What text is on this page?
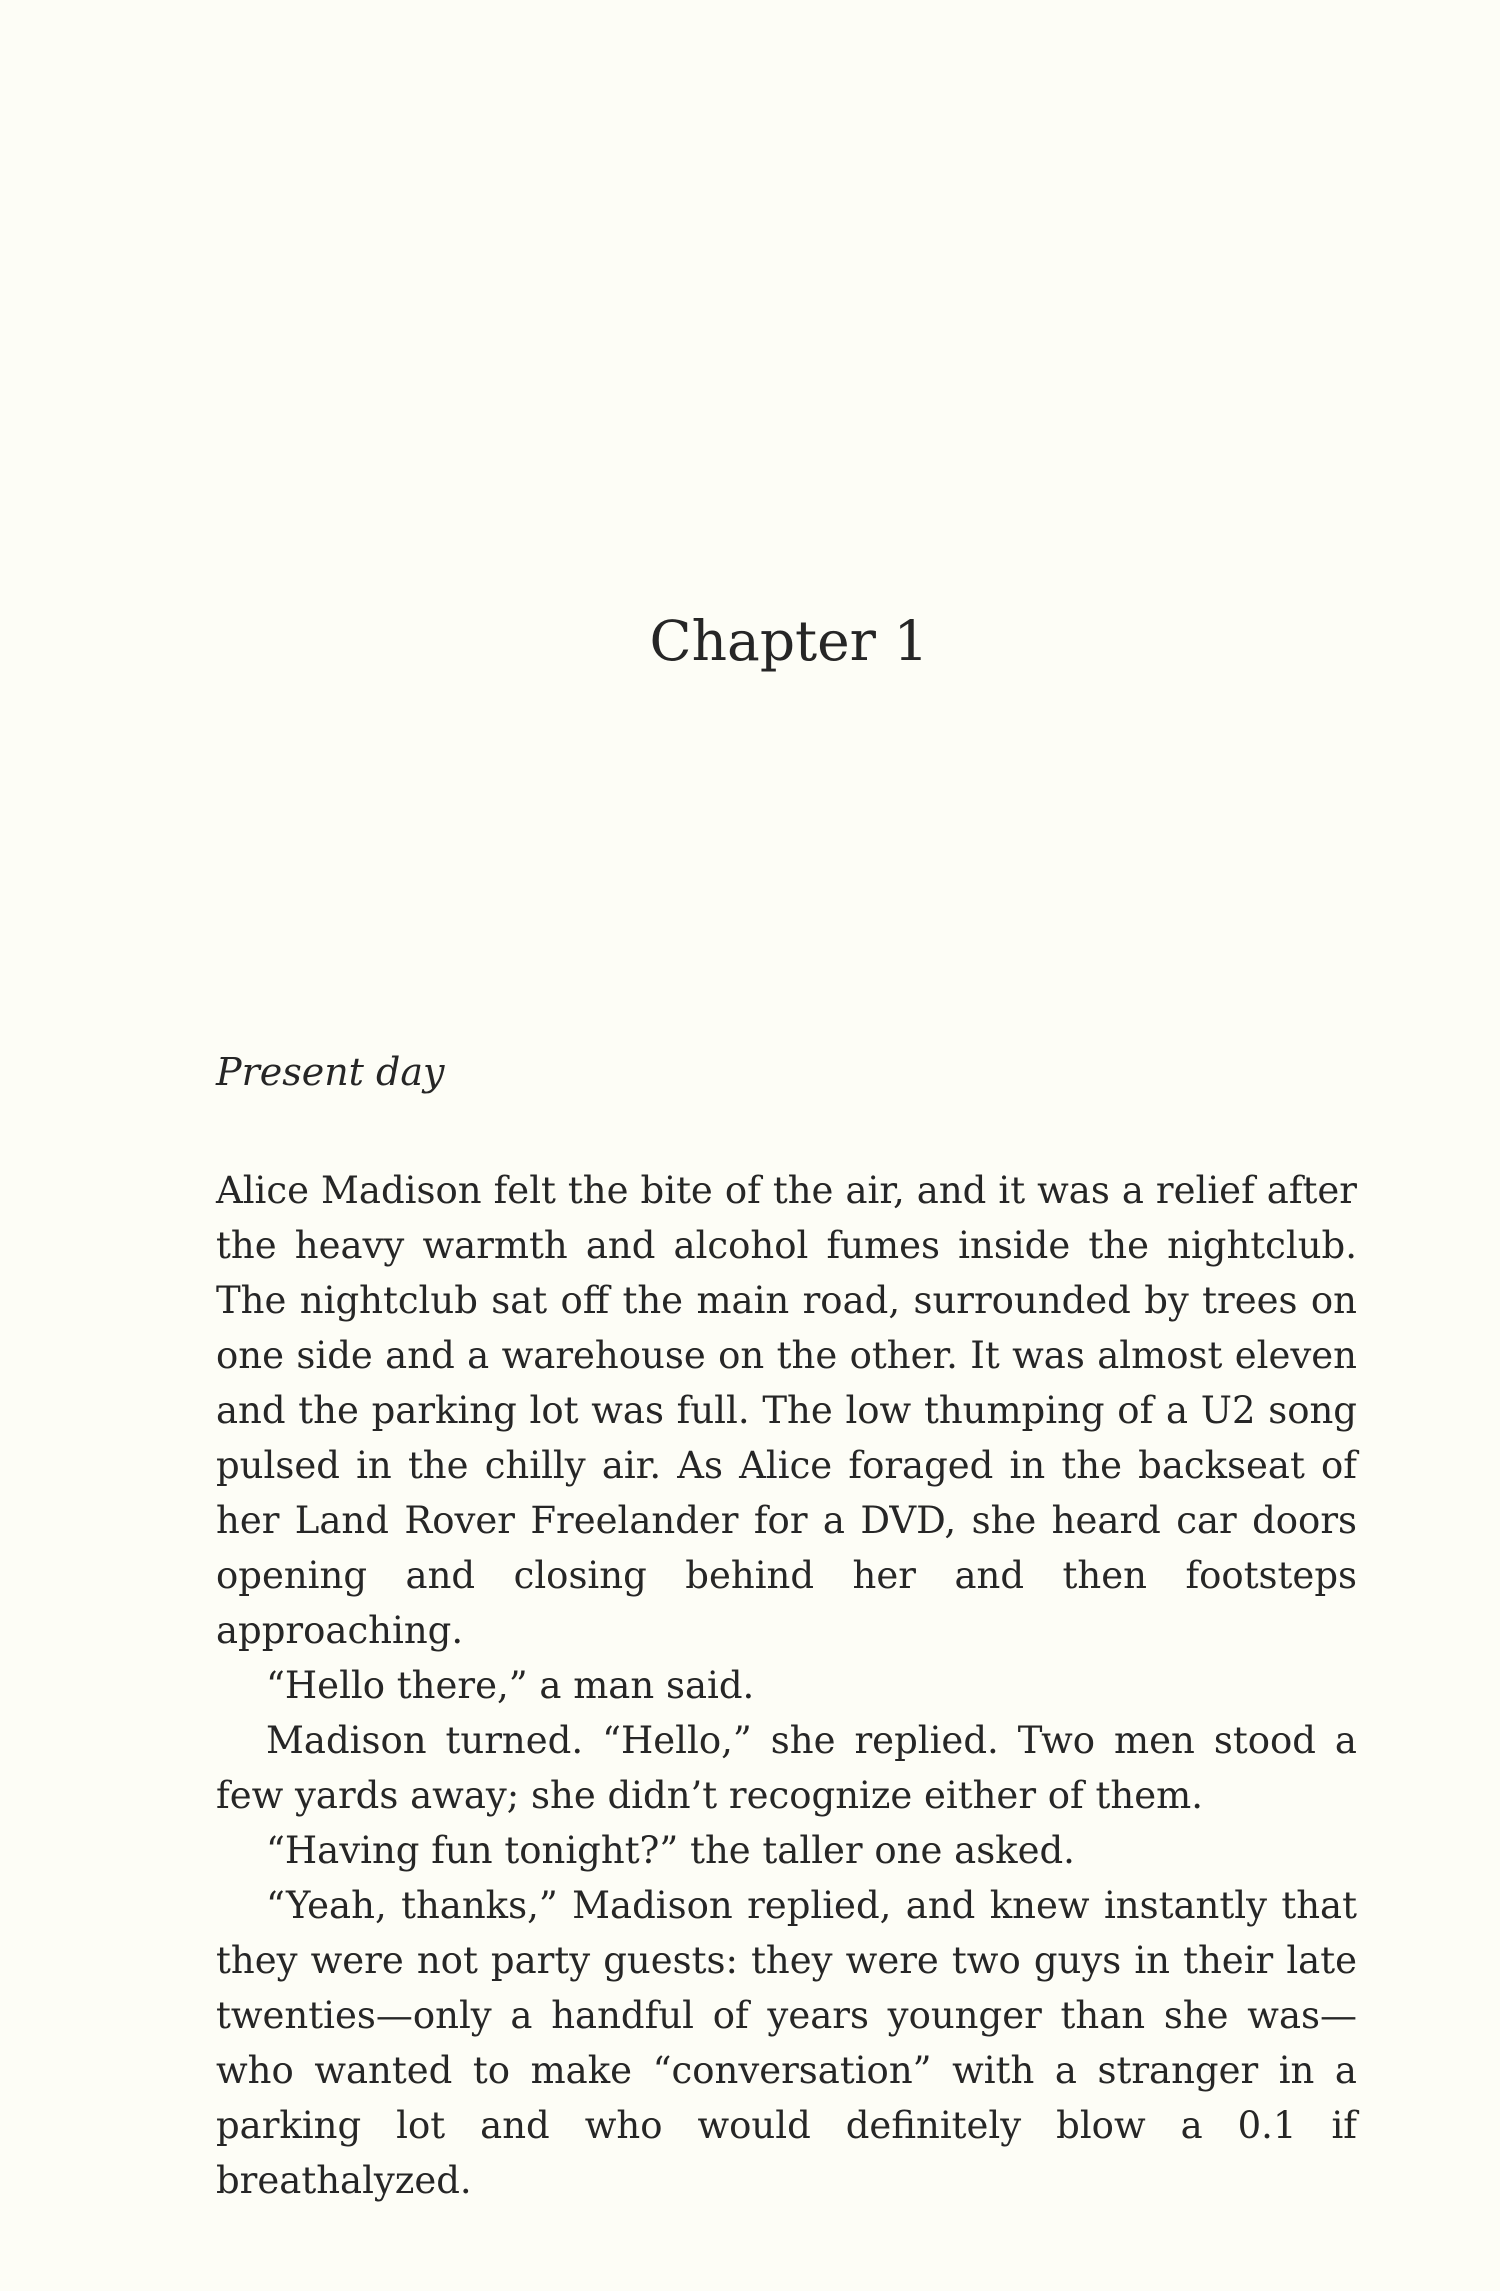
Chapter 1

Present day

Alice Madison felt the bite of the air, and it was a relief after the heavy warmth and alcohol fumes inside the nightclub. The nightclub sat off the main road, surrounded by trees on one side and a warehouse on the other. It was almost eleven and the parking lot was full. The low thumping of a U2 song pulsed in the chilly air. As Alice foraged in the backseat of her Land Rover Freelander for a DVD, she heard car doors opening and closing behind her and then footsteps approaching.

“Hello there,” a man said.

Madison turned. “Hello,” she replied. Two men stood a few yards away; she didn’t recognize either of them.

“Having fun tonight?” the taller one asked.

“Yeah, thanks,” Madison replied, and knew instantly that they were not party guests: they were two guys in their late twenties—only a handful of years younger than she was—who wanted to make “conversation” with a stranger in a parking lot and who would definitely blow a 0.1 if breathalyzed.
